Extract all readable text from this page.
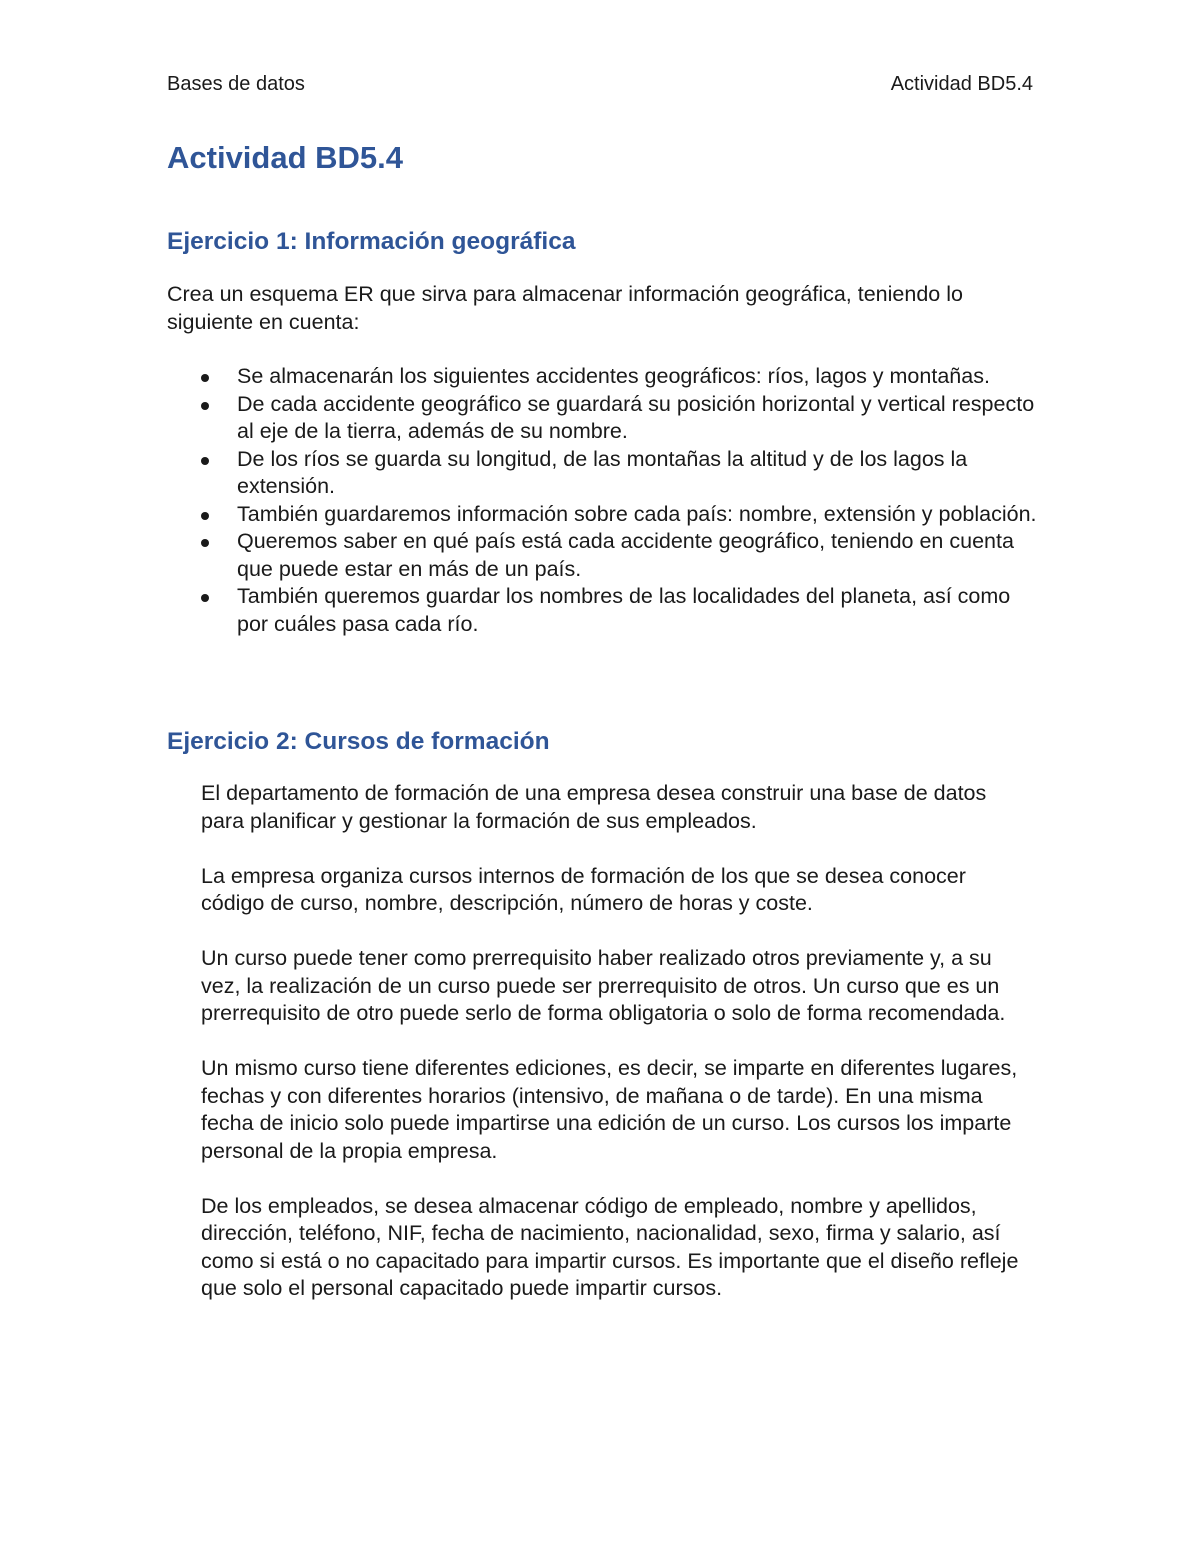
Bases de datos	Actividad BD5.4
Actividad BD5.4
Ejercicio 1: Información geográfica

Crea un esquema ER que sirva para almacenar información geográfica, teniendo lo siguiente en cuenta:

Se almacenarán los siguientes accidentes geográficos: ríos, lagos y montañas.
De cada accidente geográfico se guardará su posición horizontal y vertical respecto al eje de la tierra, además de su nombre.
De los ríos se guarda su longitud, de las montañas la altitud y de los lagos la extensión.
También guardaremos información sobre cada país: nombre, extensión y población.
Queremos saber en qué país está cada accidente geográfico, teniendo en cuenta que puede estar en más de un país.
También queremos guardar los nombres de las localidades del planeta, así como por cuáles pasa cada río.
Ejercicio 2: Cursos de formación

El departamento de formación de una empresa desea construir una base de datos para planificar y gestionar la formación de sus empleados.

La empresa organiza cursos internos de formación de los que se desea conocer código de curso, nombre, descripción, número de horas y coste.

Un curso puede tener como prerrequisito haber realizado otros previamente y, a su vez, la realización de un curso puede ser prerrequisito de otros. Un curso que es un prerrequisito de otro puede serlo de forma obligatoria o solo de forma recomendada.

Un mismo curso tiene diferentes ediciones, es decir, se imparte en diferentes lugares, fechas y con diferentes horarios (intensivo, de mañana o de tarde). En una misma fecha de inicio solo puede impartirse una edición de un curso. Los cursos los imparte personal de la propia empresa.

De los empleados, se desea almacenar código de empleado, nombre y apellidos, dirección, teléfono, NIF, fecha de nacimiento, nacionalidad, sexo, firma y salario, así como si está o no capacitado para impartir cursos. Es importante que el diseño refleje que solo el personal capacitado puede impartir cursos.
